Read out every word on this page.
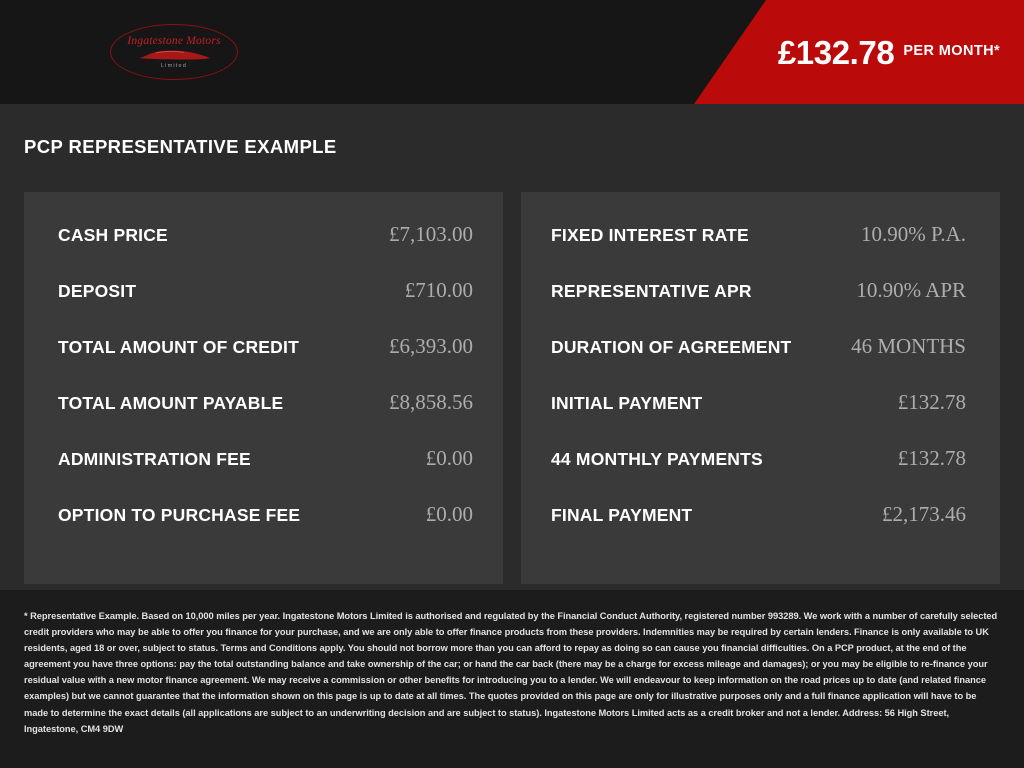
Ingatestone Motors
Limited	£132.78 PER MONTH*
PCP REPRESENTATIVE EXAMPLE
CASH PRICE	£7,103.00
DEPOSIT	£710.00
TOTAL AMOUNT OF CREDIT	£6,393.00
TOTAL AMOUNT PAYABLE	£8,858.56
ADMINISTRATION FEE	£0.00
OPTION TO PURCHASE FEE	£0.00
FIXED INTEREST RATE	10.90% P.A.
REPRESENTATIVE APR	10.90% APR
DURATION OF AGREEMENT	46 MONTHS
INITIAL PAYMENT	£132.78
44 MONTHLY PAYMENTS	£132.78
FINAL PAYMENT	£2,173.46
* Representative Example. Based on 10,000 miles per year. Ingatestone Motors Limited is authorised and regulated by the Financial Conduct Authority, registered number 993289. We work with a number of carefully selected credit providers who may be able to offer you finance for your purchase, and we are only able to offer finance products from these providers. Indemnities may be required by certain lenders. Finance is only available to UK residents, aged 18 or over, subject to status. Terms and Conditions apply. You should not borrow more than you can afford to repay as doing so can cause you financial difficulties. On a PCP product, at the end of the agreement you have three options: pay the total outstanding balance and take ownership of the car; or hand the car back (there may be a charge for excess mileage and damages); or you may be eligible to re-finance your residual value with a new motor finance agreement. We may receive a commission or other benefits for introducing you to a lender. We will endeavour to keep information on the road prices up to date (and related finance examples) but we cannot guarantee that the information shown on this page is up to date at all times. The quotes provided on this page are only for illustrative purposes only and a full finance application will have to be made to determine the exact details (all applications are subject to an underwriting decision and are subject to status). Ingatestone Motors Limited acts as a credit broker and not a lender. Address: 56 High Street, Ingatestone, CM4 9DW
